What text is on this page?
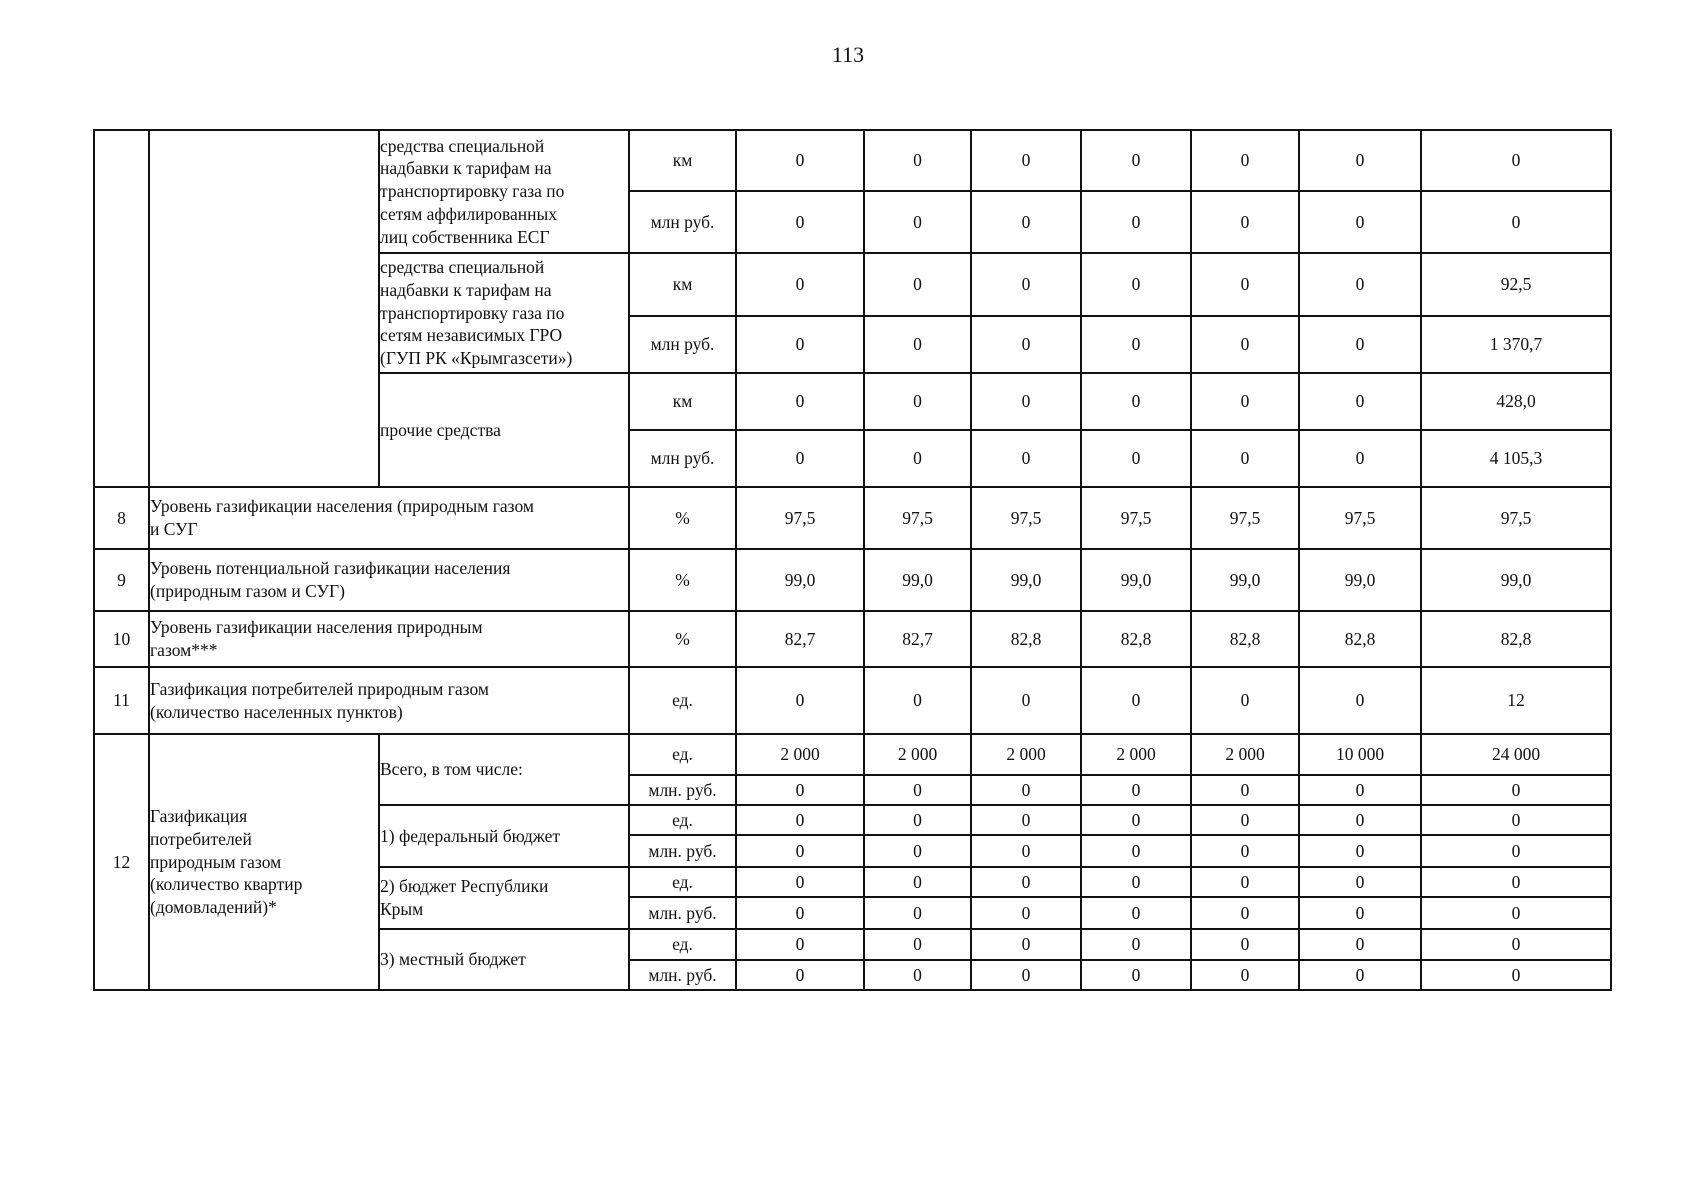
113

		средства специальной
надбавки к тарифам на
транспортировку газа по
сетям аффилированных
лиц собственника ЕСГ	км	0	0	0	0	0	0	0

			млн руб.	0	0	0	0	0	0	0

		средства специальной
надбавки к тарифам на
транспортировку газа по
сетям независимых ГРО
(ГУП РК «Крымгазсети»)	км	0	0	0	0	0	0	92,5

			млн руб.	0	0	0	0	0	0	1 370,7

		прочие средства	км	0	0	0	0	0	0	428,0

			млн руб.	0	0	0	0	0	0	4 105,3

8	Уровень газификации населения (природным газом
и СУГ		%	97,5	97,5	97,5	97,5	97,5	97,5	97,5

9	Уровень потенциальной газификации населения
(природным газом и СУГ)		%	99,0	99,0	99,0	99,0	99,0	99,0	99,0

10	Уровень газификации населения природным
газом***		%	82,7	82,7	82,8	82,8	82,8	82,8	82,8

11	Газификация потребителей природным газом
(количество населенных пунктов)		ед.	0	0	0	0	0	0	12

12	Газификация
потребителей
природным газом
(количество квартир
(домовладений)*	Всего, в том числе:	ед.	2 000	2 000	2 000	2 000	2 000	10 000	24 000

			млн. руб.	0	0	0	0	0	0	0

		1) федеральный бюджет	ед.	0	0	0	0	0	0	0

			млн. руб.	0	0	0	0	0	0	0

		2) бюджет Республики
Крым	ед.	0	0	0	0	0	0	0

			млн. руб.	0	0	0	0	0	0	0

		3) местный бюджет	ед.	0	0	0	0	0	0	0

			млн. руб.	0	0	0	0	0	0	0
